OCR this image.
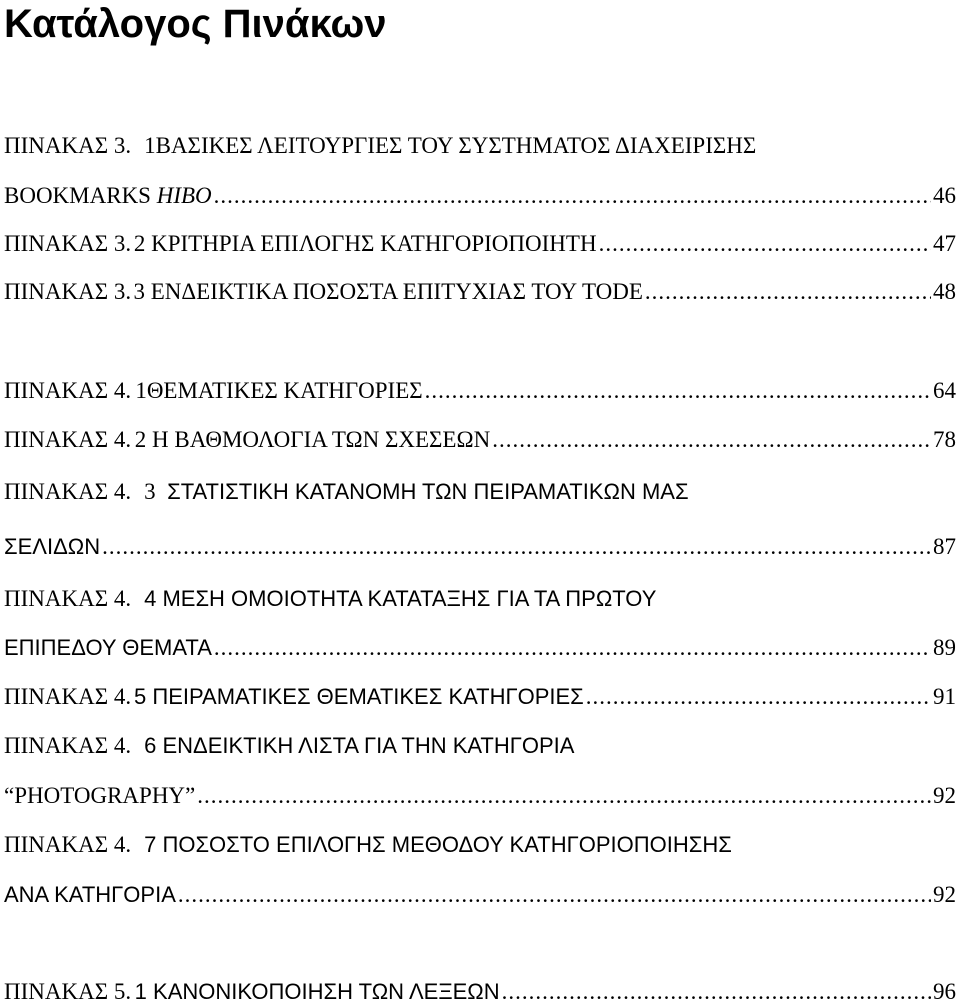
Κατάλογος Πινάκων
ΠΙΝΑΚΑΣ 3. 1ΒΑΣΙΚΕΣ ΛΕΙΤΟΥΡΓΙΕΣ ΤΟΥ ΣΥΣΤΗΜΑΤΟΣ ΔΙΑΧΕΙΡΙΣΗΣ
BOOKMARKS
HIBO .....	46
ΠΙΝΑΚΑΣ 3. 2 ΚΡΙΤΗΡΙΑ ΕΠΙΛΟΓΗΣ ΚΑΤΗΓΟΡΙΟΠΟΙΗΤΗ .....	47
ΠΙΝΑΚΑΣ 3. 3 ΕΝΔΕΙΚΤΙΚΑ ΠΟΣΟΣΤΑ ΕΠΙΤΥΧΙΑΣ ΤΟΥ TODE .....	48
ΠΙΝΑΚΑΣ 4. 1ΘΕΜΑΤΙΚΕΣ ΚΑΤΗΓΟΡΙΕΣ .....	64
ΠΙΝΑΚΑΣ 4. 2 Η ΒΑΘΜΟΛΟΓΙΑ ΤΩΝ ΣΧΕΣΕΩΝ .....	78
ΠΙΝΑΚΑΣ 4. 3
ΣΤΑΤΙΣΤΙΚΗ ΚΑΤΑΝΟΜΗ ΤΩΝ ΠΕΙΡΑΜΑΤΙΚΩΝ ΜΑΣ
ΣΕΛΙΔΩΝ .....	87
ΠΙΝΑΚΑΣ 4. 4 ΜΕΣΗ ΟΜΟΙΟΤΗΤΑ ΚΑΤΑΤΑΞΗΣ ΓΙΑ ΤΑ ΠΡΩΤΟΥ
ΕΠΙΠΕΔΟΥ ΘΕΜΑΤΑ .....	89
ΠΙΝΑΚΑΣ 4. 5 ΠΕΙΡΑΜΑΤΙΚΕΣ ΘΕΜΑΤΙΚΕΣ ΚΑΤΗΓΟΡΙΕΣ .....	91
ΠΙΝΑΚΑΣ 4. 6 ΕΝΔΕΙΚΤΙΚΗ ΛΙΣΤΑ ΓΙΑ ΤΗΝ ΚΑΤΗΓΟΡΙΑ
“PHOTOGRAPHY” .....	92
ΠΙΝΑΚΑΣ 4. 7 ΠΟΣΟΣΤΟ ΕΠΙΛΟΓΗΣ ΜΕΘΟΔΟΥ ΚΑΤΗΓΟΡΙΟΠΟΙΗΣΗΣ
ΑΝΑ ΚΑΤΗΓΟΡΙΑ .....	92
ΠΙΝΑΚΑΣ 5. 1 ΚΑΝΟΝΙΚΟΠΟΙΗΣΗ ΤΩΝ ΛΕΞΕΩΝ .....	96
